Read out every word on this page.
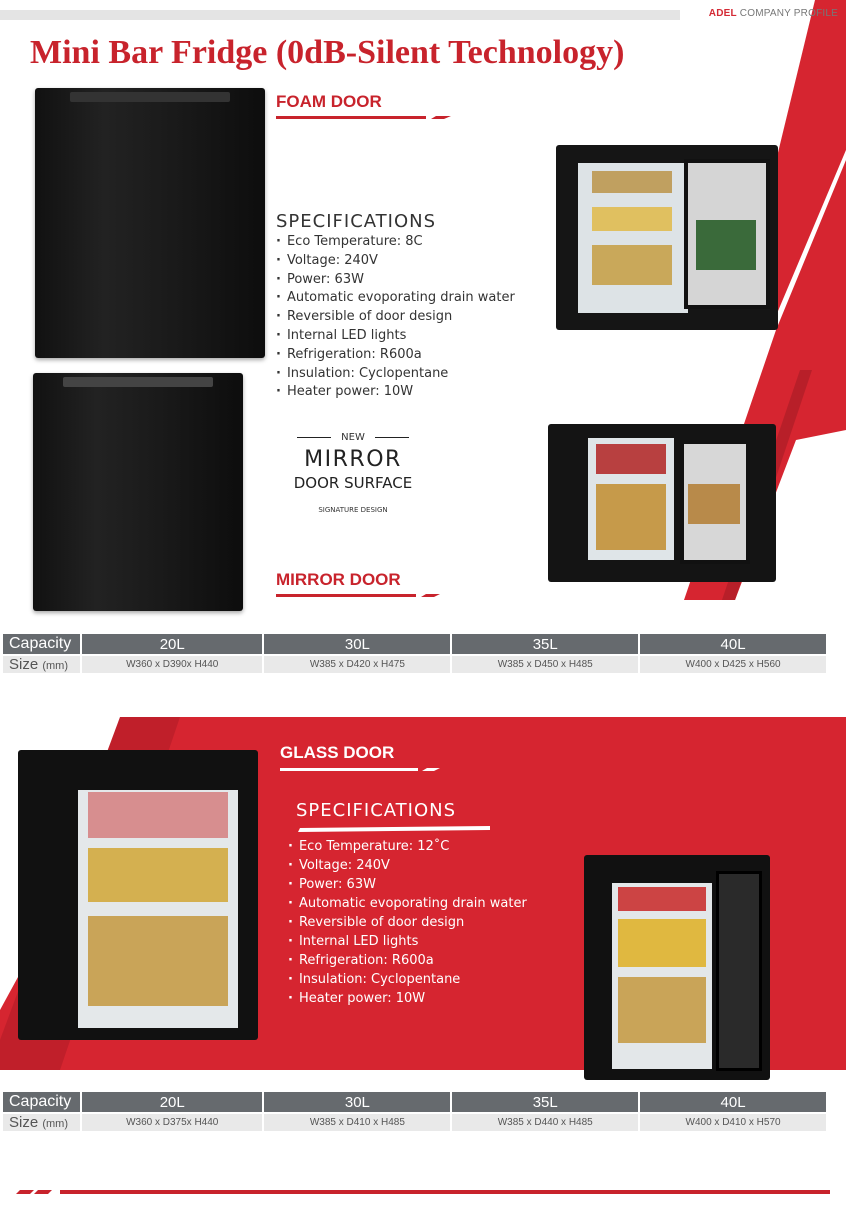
ADEL COMPANY PROFILE
Mini Bar Fridge (0dB-Silent Technology)
FOAM DOOR
SPECIFICATIONS
· Eco Temperature: 8C
· Voltage: 240V
· Power: 63W
· Automatic evoporating drain water
· Reversible of door design
· Internal LED lights
· Refrigeration: R600a
· Insulation: Cyclopentane
· Heater power: 10W
NEW
MIRROR
DOOR SURFACE
SIGNATURE DESIGN
MIRROR DOOR
Capacity	20L	30L	35L	40L
Size (mm)	W360 x D390x H440	W385 x D420 x H475	W385 x D450 x H485	W400 x D425 x H560
GLASS DOOR
SPECIFICATIONS
· Eco Temperature: 12˚C
· Voltage: 240V
· Power: 63W
· Automatic evoporating drain water
· Reversible of door design
· Internal LED lights
· Refrigeration: R600a
· Insulation: Cyclopentane
· Heater power: 10W
Capacity	20L	30L	35L	40L
Size (mm)	W360 x D375x H440	W385 x D410 x H485	W385 x D440 x H485	W400 x D410 x H570
